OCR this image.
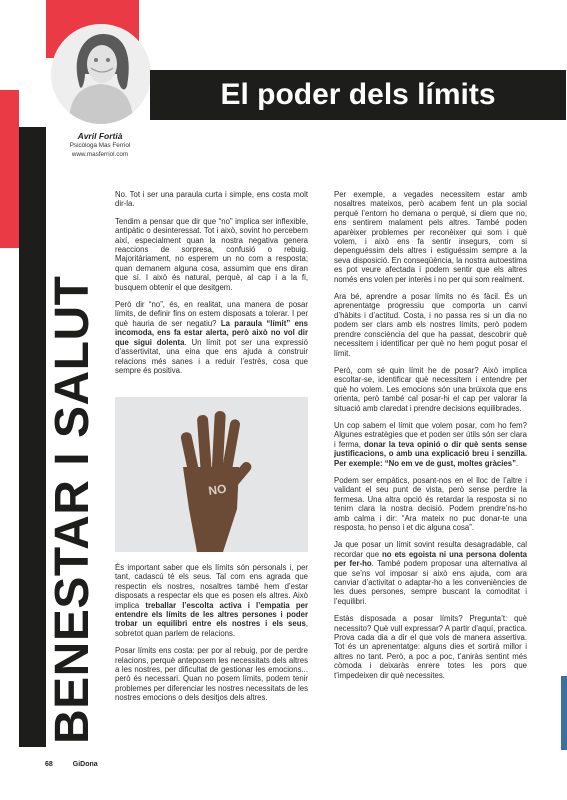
El poder dels límits
Avril Fortià
Psicòloga Mas Ferriol
www.masferriol.com
BENESTAR I SALUT

No. Tot i ser una paraula curta i simple, ens costa molt dir-la.

Tendim a pensar que dir que “no” implica ser inflexible, antipàtic o desinteressat. Tot i això, sovint ho percebem així, especialment quan la nostra negativa genera reaccions de sorpresa, confusió o rebuig. Majoritàriament, no esperem un no com a resposta; quan demanem alguna cosa, assumim que ens diran que sí. I això és natural, perquè, al cap i a la fi, busquem obtenir el que desitgem.

Però dir “no”, és, en realitat, una manera de posar límits, de definir fins on estem disposats a tolerar. I per què hauria de ser negatiu? La paraula “límit” ens incomoda, ens fa estar alerta, però això no vol dir que sigui dolenta. Un límit pot ser una expressió d’assertivitat, una eina que ens ajuda a construir relacions més sanes i a reduir l’estrès, cosa que sempre és positiva.

NO

És important saber que els límits són personals i, per tant, cadascú té els seus. Tal com ens agrada que respectin els nostres, nosaltres també hem d’estar disposats a respectar els que es posen els altres. Això implica treballar l’escolta activa i l’empatia per entendre els límits de les altres persones i poder trobar un equilibri entre els nostres i els seus, sobretot quan parlem de relacions.

Posar límits ens costa: per por al rebuig, por de perdre relacions, perquè anteposem les necessitats dels altres a les nostres, per dificultat de gestionar les emocions... però és necessari. Quan no posem límits, podem tenir problemes per diferenciar les nostres necessitats de les nostres emocions o dels desitjos dels altres.

Per exemple, a vegades necessitem estar amb nosaltres mateixos, però acabem fent un pla social perquè l’entorn ho demana o perquè, si diem que no, ens sentirem malament pels altres. També poden aparèixer problemes per reconèixer qui som i què volem, i això ens fa sentir insegurs, com si depenguéssim dels altres i estiguéssim sempre a la seva disposició. En conseqüència, la nostra autoestima es pot veure afectada i podem sentir que els altres només ens volen per interès i no per qui som realment.

Ara bé, aprendre a posar límits no és fàcil. És un aprenentatge progressiu que comporta un canvi d’hàbits i d’actitud. Costa, i no passa res si un dia no podem ser clars amb els nostres límits, però podem prendre consciència del que ha passat, descobrir què necessitem i identificar per què no hem pogut posar el límit.

Però, com sé quin límit he de posar? Això implica escoltar-se, identificar què necessitem i entendre per què ho volem. Les emocions són una brúixola que ens orienta, però també cal posar-hi el cap per valorar la situació amb claredat i prendre decisions equilibrades.

Un cop sabem el límit que volem posar, com ho fem? Algunes estratègies que et poden ser útils són ser clara i ferma, donar la teva opinió o dir què sents sense justificacions, o amb una explicació breu i senzilla. Per exemple: “No em ve de gust, moltes gràcies”.

Podem ser empàtics, posant-nos en el lloc de l’altre i validant el seu punt de vista, però sense perdre la fermesa. Una altra opció és retardar la resposta si no tenim clara la nostra decisió. Podem prendre’ns-ho amb calma i dir: “Ara mateix no puc donar-te una resposta, ho penso i et dic alguna cosa”.

Ja que posar un límit sovint resulta desagradable, cal recordar que no ets egoista ni una persona dolenta per fer-ho. També podem proposar una alternativa al que se’ns vol imposar si això ens ajuda, com ara canviar d’activitat o adaptar-ho a les conveniències de les dues persones, sempre buscant la comoditat i l’equilibri.

Estàs disposada a posar límits? Pregunta’t: què necessito? Què vull expressar? A partir d’aquí, practica. Prova cada dia a dir el que vols de manera assertiva. Tot és un aprenentatge: alguns dies et sortirà millor i altres no tant. Però, a poc a poc, t’aniràs sentint més còmoda i deixaràs enrere totes les pors que t’impedeixen dir què necessites.

68	GiDona
